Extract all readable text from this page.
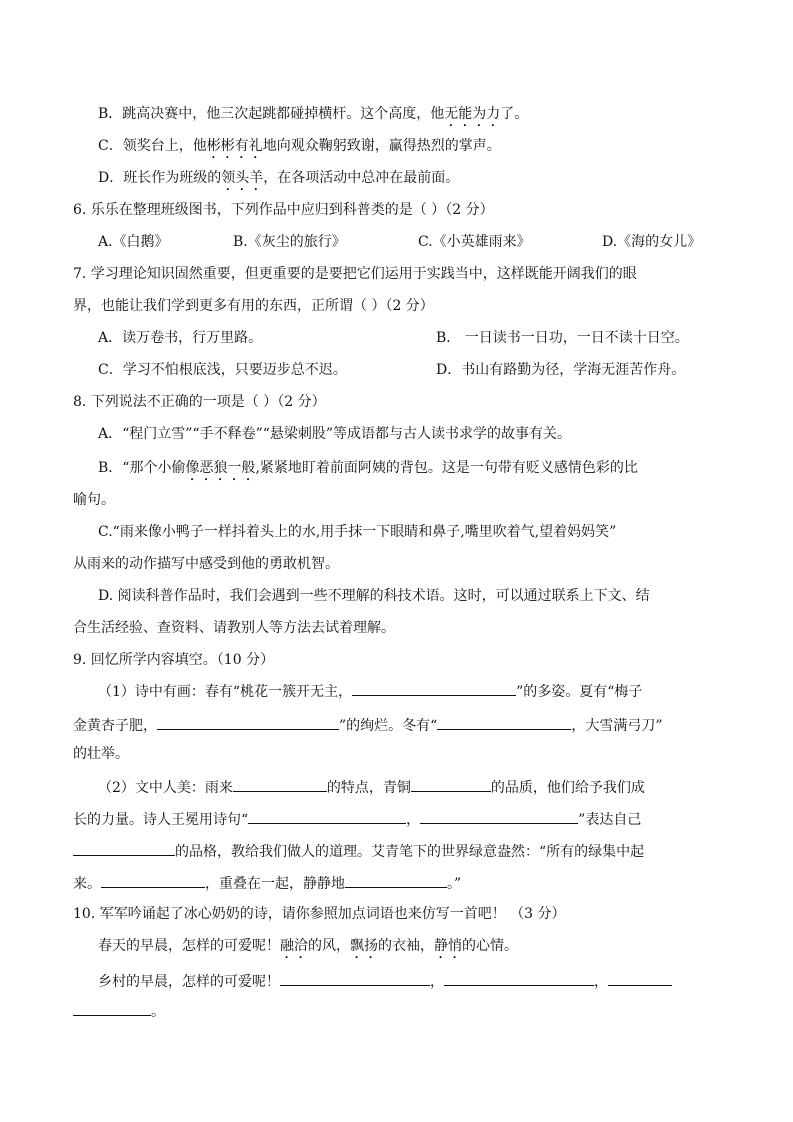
B．跳高决赛中，他三次起跳都碰掉横杆。这个高度，他无能为力了。
C．领奖台上，他彬彬有礼地向观众鞠躬致谢，赢得热烈的掌声。
D．班长作为班级的领头羊，在各项活动中总冲在最前面。
6. 乐乐在整理班级图书，下列作品中应归到科普类的是（ ）（2 分）
A.《白鹅》	B.《灰尘的旅行》	C.《小英雄雨来》	D.《海的女儿》
7. 学习理论知识固然重要，但更重要的是要把它们运用于实践当中，这样既能开阔我们的眼
界，也能让我们学到更多有用的东西，正所谓（ ）（2 分）
A．读万卷书，行万里路。	B． 一日读书一日功，一日不读十日空。
C．学习不怕根底浅，只要迈步总不迟。	D．书山有路勤为径，学海无涯苦作舟。
8. 下列说法不正确的一项是（ ）（2 分）
A．“程门立雪”“手不释卷”“悬梁刺股”等成语都与古人读书求学的故事有关。
B．“那个小偷像恶狼一般,紧紧地盯着前面阿姨的背包。这是一句带有贬义感情色彩的比
喻句。
C.“雨来像小鸭子一样抖着头上的水,用手抹一下眼睛和鼻子,嘴里吹着气,望着妈妈笑”
从雨来的动作描写中感受到他的勇敢机智。
D. 阅读科普作品时，我们会遇到一些不理解的科技术语。这时，可以通过联系上下文、结
合生活经验、查资料、请教别人等方法去试着理解。
9. 回忆所学内容填空。（10 分）
（1）诗中有画：春有“桃花一簇开无主，	”的多姿。夏有“梅子
金黄杏子肥，	”的绚烂。冬有“	，大雪满弓刀”
的壮举。
（2）文中人美：雨来	的特点，青铜	的品质，他们给予我们成
长的力量。诗人王冕用诗句“	，	”表达自己
的品格，教给我们做人的道理。艾青笔下的世界绿意盎然：“所有的绿集中起
来。	，重叠在一起，静静地	。”
10. 军军吟诵起了冰心奶奶的诗，请你参照加点词语也来仿写一首吧！ （3 分）
春天的早晨，怎样的可爱呢！融洽的风，飘扬的衣袖，静悄的心情。
乡村的早晨，怎样的可爱呢！	，	，
。
